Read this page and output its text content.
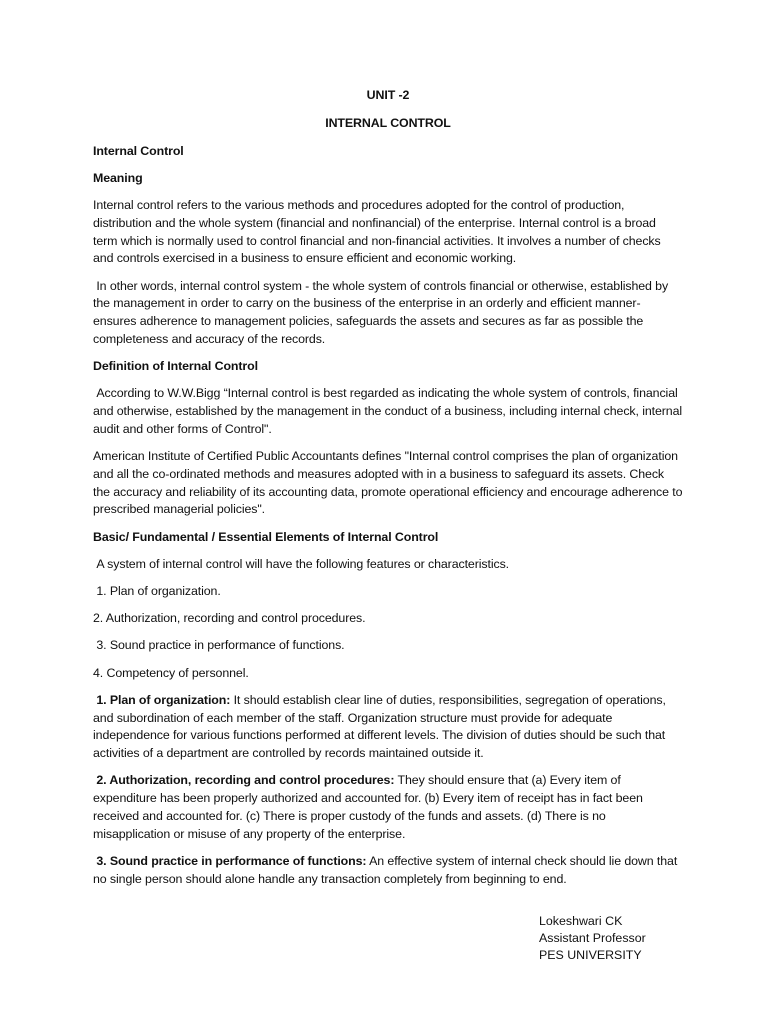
UNIT -2

INTERNAL CONTROL

Internal Control

Meaning

Internal control refers to the various methods and procedures adopted for the control of production, distribution and the whole system (financial and nonfinancial) of the enterprise. Internal control is a broad term which is normally used to control financial and non-financial activities. It involves a number of checks and controls exercised in a business to ensure efficient and economic working.

In other words, internal control system - the whole system of controls financial or otherwise, established by the management in order to carry on the business of the enterprise in an orderly and efficient manner- ensures adherence to management policies, safeguards the assets and secures as far as possible the completeness and accuracy of the records.

Definition of Internal Control

According to W.W.Bigg “Internal control is best regarded as indicating the whole system of controls, financial and otherwise, established by the management in the conduct of a business, including internal check, internal audit and other forms of Control".

American Institute of Certified Public Accountants defines "Internal control comprises the plan of organization and all the co-ordinated methods and measures adopted with in a business to safeguard its assets. Check the accuracy and reliability of its accounting data, promote operational efficiency and encourage adherence to prescribed managerial policies".

Basic/ Fundamental / Essential Elements of Internal Control

A system of internal control will have the following features or characteristics.

1. Plan of organization.

2. Authorization, recording and control procedures.

3. Sound practice in performance of functions.

4. Competency of personnel.

1. Plan of organization: It should establish clear line of duties, responsibilities, segregation of operations, and subordination of each member of the staff. Organization structure must provide for adequate independence for various functions performed at different levels. The division of duties should be such that activities of a department are controlled by records maintained outside it.

2. Authorization, recording and control procedures: They should ensure that (a) Every item of expenditure has been properly authorized and accounted for. (b) Every item of receipt has in fact been received and accounted for. (c) There is proper custody of the funds and assets. (d) There is no misapplication or misuse of any property of the enterprise.

3. Sound practice in performance of functions: An effective system of internal check should lie down that no single person should alone handle any transaction completely from beginning to end.

Lokeshwari CK
Assistant Professor
PES UNIVERSITY
